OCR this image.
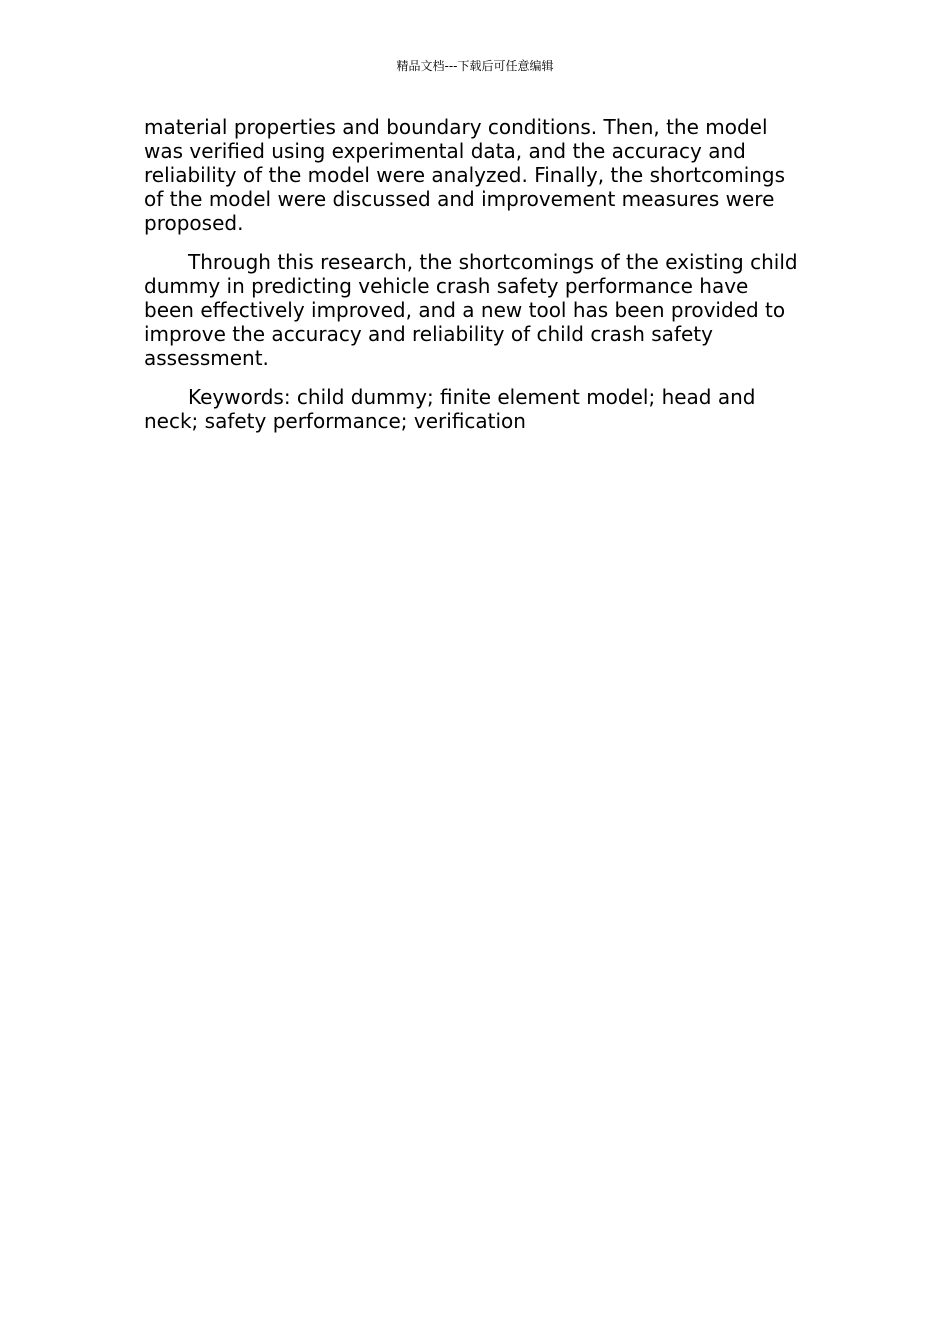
精品文档---下载后可任意编辑

material properties and boundary conditions. Then, the model was verified using experimental data, and the accuracy and reliability of the model were analyzed. Finally, the shortcomings of the model were discussed and improvement measures were proposed.

Through this research, the shortcomings of the existing child dummy in predicting vehicle crash safety performance have been effectively improved, and a new tool has been provided to improve the accuracy and reliability of child crash safety assessment.

Keywords: child dummy; finite element model; head and neck; safety performance; verification
